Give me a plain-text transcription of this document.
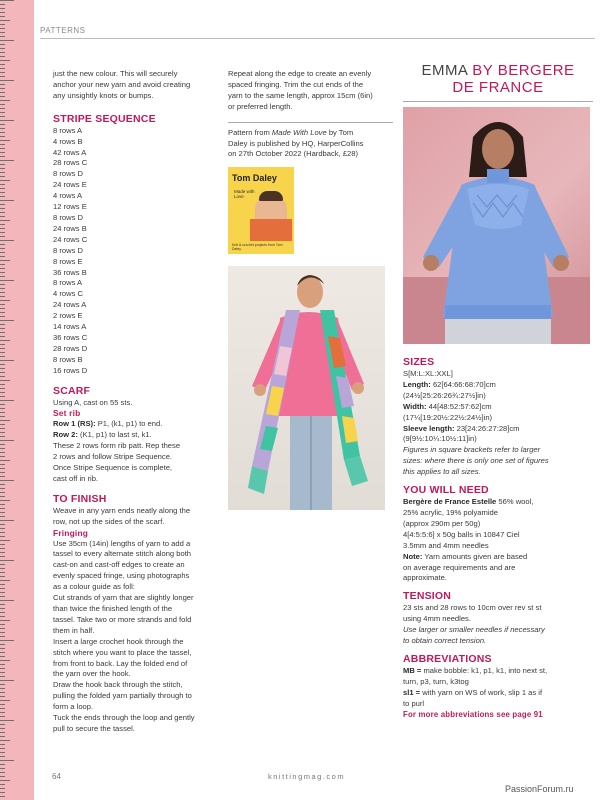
PATTERNS

just the new colour. This will securely

anchor your new yarn and avoid creating

any unsightly knots or bumps.

STRIPE SEQUENCE

8 rows A

4 rows B

42 rows A

28 rows C

8 rows D

24 rows E

4 rows A

12 rows E

8 rows D

24 rows B

24 rows C

8 rows D

8 rows E

36 rows B

8 rows A

4 rows C

24 rows A

2 rows E

14 rows A

36 rows C

28 rows D

8 rows B

16 rows D

SCARF

Using A, cast on 55 sts.

Set rib

Row 1 (RS): P1, (k1, p1) to end.

Row 2: (K1, p1) to last st, k1.

These 2 rows form rib patt. Rep these

2 rows and follow Stripe Sequence.

Once Stripe Sequence is complete,

cast off in rib.

TO FINISH

Weave in any yarn ends neatly along the

row, not up the sides of the scarf.

Fringing

Use 35cm (14in) lengths of yarn to add a

tassel to every alternate stitch along both

cast-on and cast-off edges to create an

evenly spaced fringe, using photographs

as a colour guide as foll:

Cut strands of yarn that are slightly longer

than twice the finished length of the

tassel. Take two or more strands and fold

them in half.

Insert a large crochet hook through the

stitch where you want to place the tassel,

from front to back. Lay the folded end of

the yarn over the hook.

Draw the hook back through the stitch,

pulling the folded yarn partially through to

form a loop.

Tuck the ends through the loop and gently

pull to secure the tassel.

Repeat along the edge to create an evenly

spaced fringing. Trim the cut ends of the

yarn to the same length, approx 15cm (6in)

or preferred length.

Pattern from Made With Love by Tom

Daley is published by HQ, HarperCollins

on 27th October 2022 (Hardback, £28)

Tom Daley
Made with Love
Knit & crochet projects from Tom Daley
EMMA BY BERGERE
DE FRANCE
SIZES

S[M:L:XL:XXL]

Length: 62[64:66:68:70]cm

(24½[25:26:26¾:27½]in)

Width: 44[48:52:57:62]cm

(17¼[19:20½:22½:24½]in)

Sleeve length: 23[24:26:27:28]cm

(9[9½:10¼:10½:11]in)

Figures in square brackets refer to larger

sizes: where there is only one set of figures

this applies to all sizes.

YOU WILL NEED

Bergère de France Estelle 56% wool,

25% acrylic, 19% polyamide

(approx 290m per 50g)

4[4:5:5:6] x 50g balls in 10847 Ciel

3.5mm and 4mm needles

Note: Yarn amounts given are based

on average requirements and are

approximate.

TENSION

23 sts and 28 rows to 10cm over rev st st

using 4mm needles.

Use larger or smaller needles if necessary

to obtain correct tension.

ABBREVIATIONS

MB = make bobble: k1, p1, k1, into next st,

turn, p3, turn, k3tog

sl1 = with yarn on WS of work, slip 1 as if

to purl

For more abbreviations see page 91

64	knittingmag.com
PassionForum.ru
